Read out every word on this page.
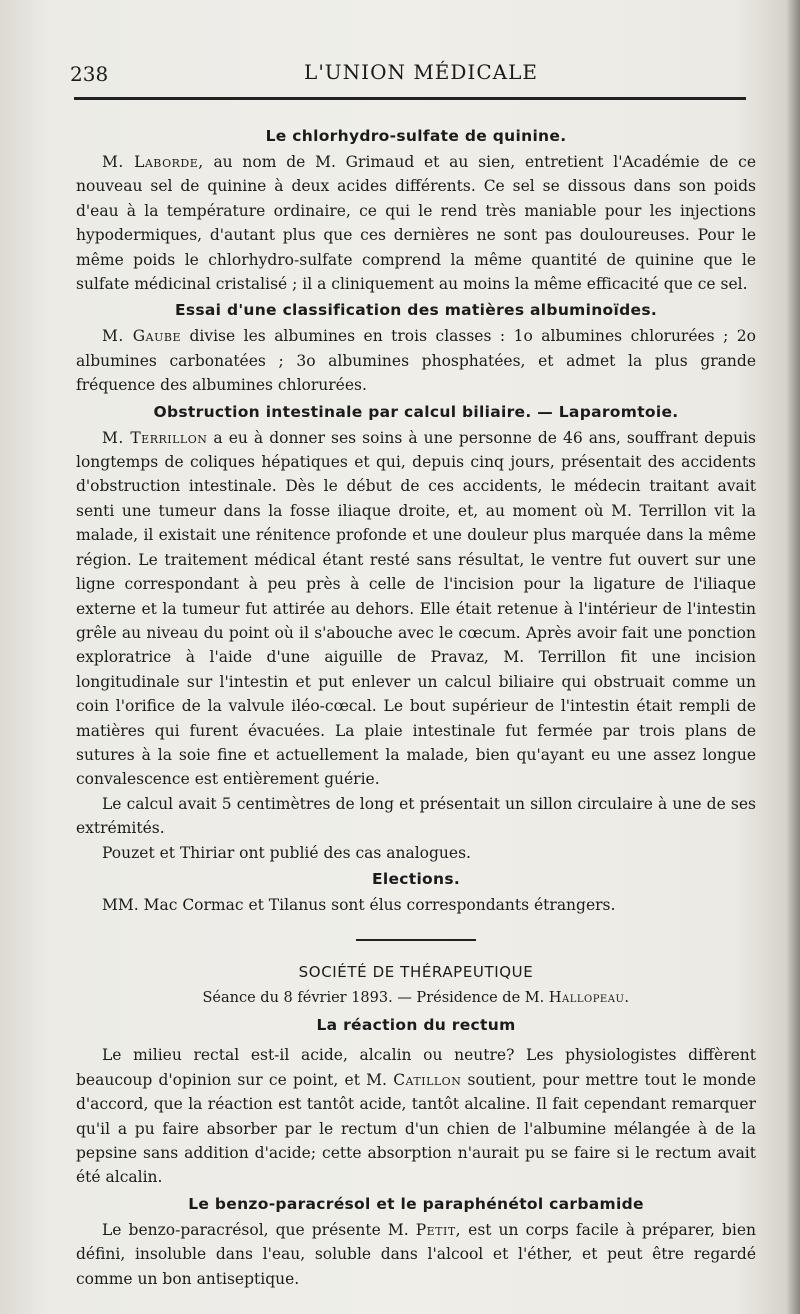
238	L'UNION MÉDICALE
Le chlorhydro-sulfate de quinine.

M. Laborde, au nom de M. Grimaud et au sien, entretient l'Académie de ce nouveau sel de quinine à deux acides différents. Ce sel se dissous dans son poids d'eau à la température ordinaire, ce qui le rend très maniable pour les injections hypodermiques, d'autant plus que ces dernières ne sont pas douloureuses. Pour le même poids le chlorhydro-sulfate comprend la même quantité de quinine que le sulfate médicinal cristalisé ; il a cliniquement au moins la même efficacité que ce sel.

Essai d'une classification des matières albuminoïdes.

M. Gaube divise les albumines en trois classes : 1o albumines chlorurées ; 2o albumines carbonatées ; 3o albumines phosphatées, et admet la plus grande fréquence des albumines chlorurées.

Obstruction intestinale par calcul biliaire. — Laparomtoie.

M. Terrillon a eu à donner ses soins à une personne de 46 ans, souffrant depuis longtemps de coliques hépatiques et qui, depuis cinq jours, présentait des accidents d'obstruction intestinale. Dès le début de ces accidents, le médecin traitant avait senti une tumeur dans la fosse iliaque droite, et, au moment où M. Terrillon vit la malade, il existait une rénitence profonde et une douleur plus marquée dans la même région. Le traitement médical étant resté sans résultat, le ventre fut ouvert sur une ligne correspondant à peu près à celle de l'incision pour la ligature de l'iliaque externe et la tumeur fut attirée au dehors. Elle était retenue à l'intérieur de l'intestin grêle au niveau du point où il s'abouche avec le cœcum. Après avoir fait une ponction exploratrice à l'aide d'une aiguille de Pravaz, M. Terrillon fit une incision longitudinale sur l'intestin et put enlever un calcul biliaire qui obstruait comme un coin l'orifice de la valvule iléo-cœcal. Le bout supérieur de l'intestin était rempli de matières qui furent évacuées. La plaie intestinale fut fermée par trois plans de sutures à la soie fine et actuellement la malade, bien qu'ayant eu une assez longue convalescence est entièrement guérie.

Le calcul avait 5 centimètres de long et présentait un sillon circulaire à une de ses extrémités.

Pouzet et Thiriar ont publié des cas analogues.

Elections.

MM. Mac Cormac et Tilanus sont élus correspondants étrangers.

SOCIÉTÉ DE THÉRAPEUTIQUE
Séance du 8 février 1893. — Présidence de M. Hallopeau.
La réaction du rectum

Le milieu rectal est-il acide, alcalin ou neutre? Les physiologistes diffèrent beaucoup d'opinion sur ce point, et M. Catillon soutient, pour mettre tout le monde d'accord, que la réaction est tantôt acide, tantôt alcaline. Il fait cependant remarquer qu'il a pu faire absorber par le rectum d'un chien de l'albumine mélangée à de la pepsine sans addition d'acide; cette absorption n'aurait pu se faire si le rectum avait été alcalin.

Le benzo-paracrésol et le paraphénétol carbamide

Le benzo-paracrésol, que présente M. Petit, est un corps facile à préparer, bien défini, insoluble dans l'eau, soluble dans l'alcool et l'éther, et peut être regardé comme un bon antiseptique.
